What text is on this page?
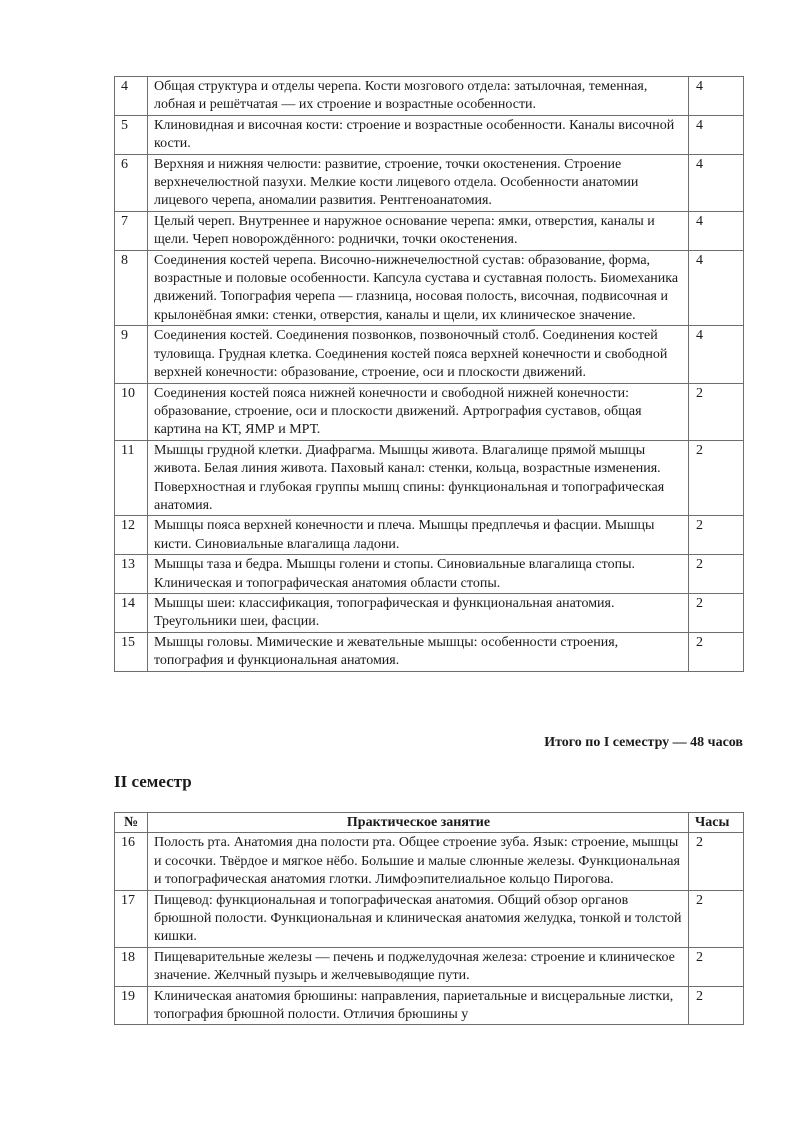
4	Общая структура и отделы черепа. Кости мозгового отдела: затылочная, теменная, лобная и решётчатая — их строение и возрастные особенности.	4
5	Клиновидная и височная кости: строение и возрастные особенности. Каналы височной кости.	4
6	Верхняя и нижняя челюсти: развитие, строение, точки окостенения. Строение верхнечелюстной пазухи. Мелкие кости лицевого отдела. Особенности анатомии лицевого черепа, аномалии развития. Рентгеноанатомия.	4
7	Целый череп. Внутреннее и наружное основание черепа: ямки, отверстия, каналы и щели. Череп новорождённого: роднички, точки окостенения.	4
8	Соединения костей черепа. Височно-нижнечелюстной сустав: образование, форма, возрастные и половые особенности. Капсула сустава и суставная полость. Биомеханика движений. Топография черепа — глазница, носовая полость, височная, подвисочная и крылонёбная ямки: стенки, отверстия, каналы и щели, их клиническое значение.	4
9	Соединения костей. Соединения позвонков, позвоночный столб. Соединения костей туловища. Грудная клетка. Соединения костей пояса верхней конечности и свободной верхней конечности: образование, строение, оси и плоскости движений.	4
10	Соединения костей пояса нижней конечности и свободной нижней конечности: образование, строение, оси и плоскости движений. Артрография суставов, общая картина на КТ, ЯМР и МРТ.	2
11	Мышцы грудной клетки. Диафрагма. Мышцы живота. Влагалище прямой мышцы живота. Белая линия живота. Паховый канал: стенки, кольца, возрастные изменения. Поверхностная и глубокая группы мышц спины: функциональная и топографическая анатомия.	2
12	Мышцы пояса верхней конечности и плеча. Мышцы предплечья и фасции. Мышцы кисти. Синовиальные влагалища ладони.	2
13	Мышцы таза и бедра. Мышцы голени и стопы. Синовиальные влагалища стопы. Клиническая и топографическая анатомия области стопы.	2
14	Мышцы шеи: классификация, топографическая и функциональная анатомия. Треугольники шеи, фасции.	2
15	Мышцы головы. Мимические и жевательные мышцы: особенности строения, топография и функциональная анатомия.	2
Итого по I семестру — 48 часов
II семестр
№	Практическое занятие	Часы
16	Полость рта. Анатомия дна полости рта. Общее строение зуба. Язык: строение, мышцы и сосочки. Твёрдое и мягкое нёбо. Большие и малые слюнные железы. Функциональная и топографическая анатомия глотки. Лимфоэпителиальное кольцо Пирогова.	2
17	Пищевод: функциональная и топографическая анатомия. Общий обзор органов брюшной полости. Функциональная и клиническая анатомия желудка, тонкой и толстой кишки.	2
18	Пищеварительные железы — печень и поджелудочная железа: строение и клиническое значение. Желчный пузырь и желчевыводящие пути.	2
19	Клиническая анатомия брюшины: направления, париетальные и висцеральные листки, топография брюшной полости. Отличия брюшины у	2
